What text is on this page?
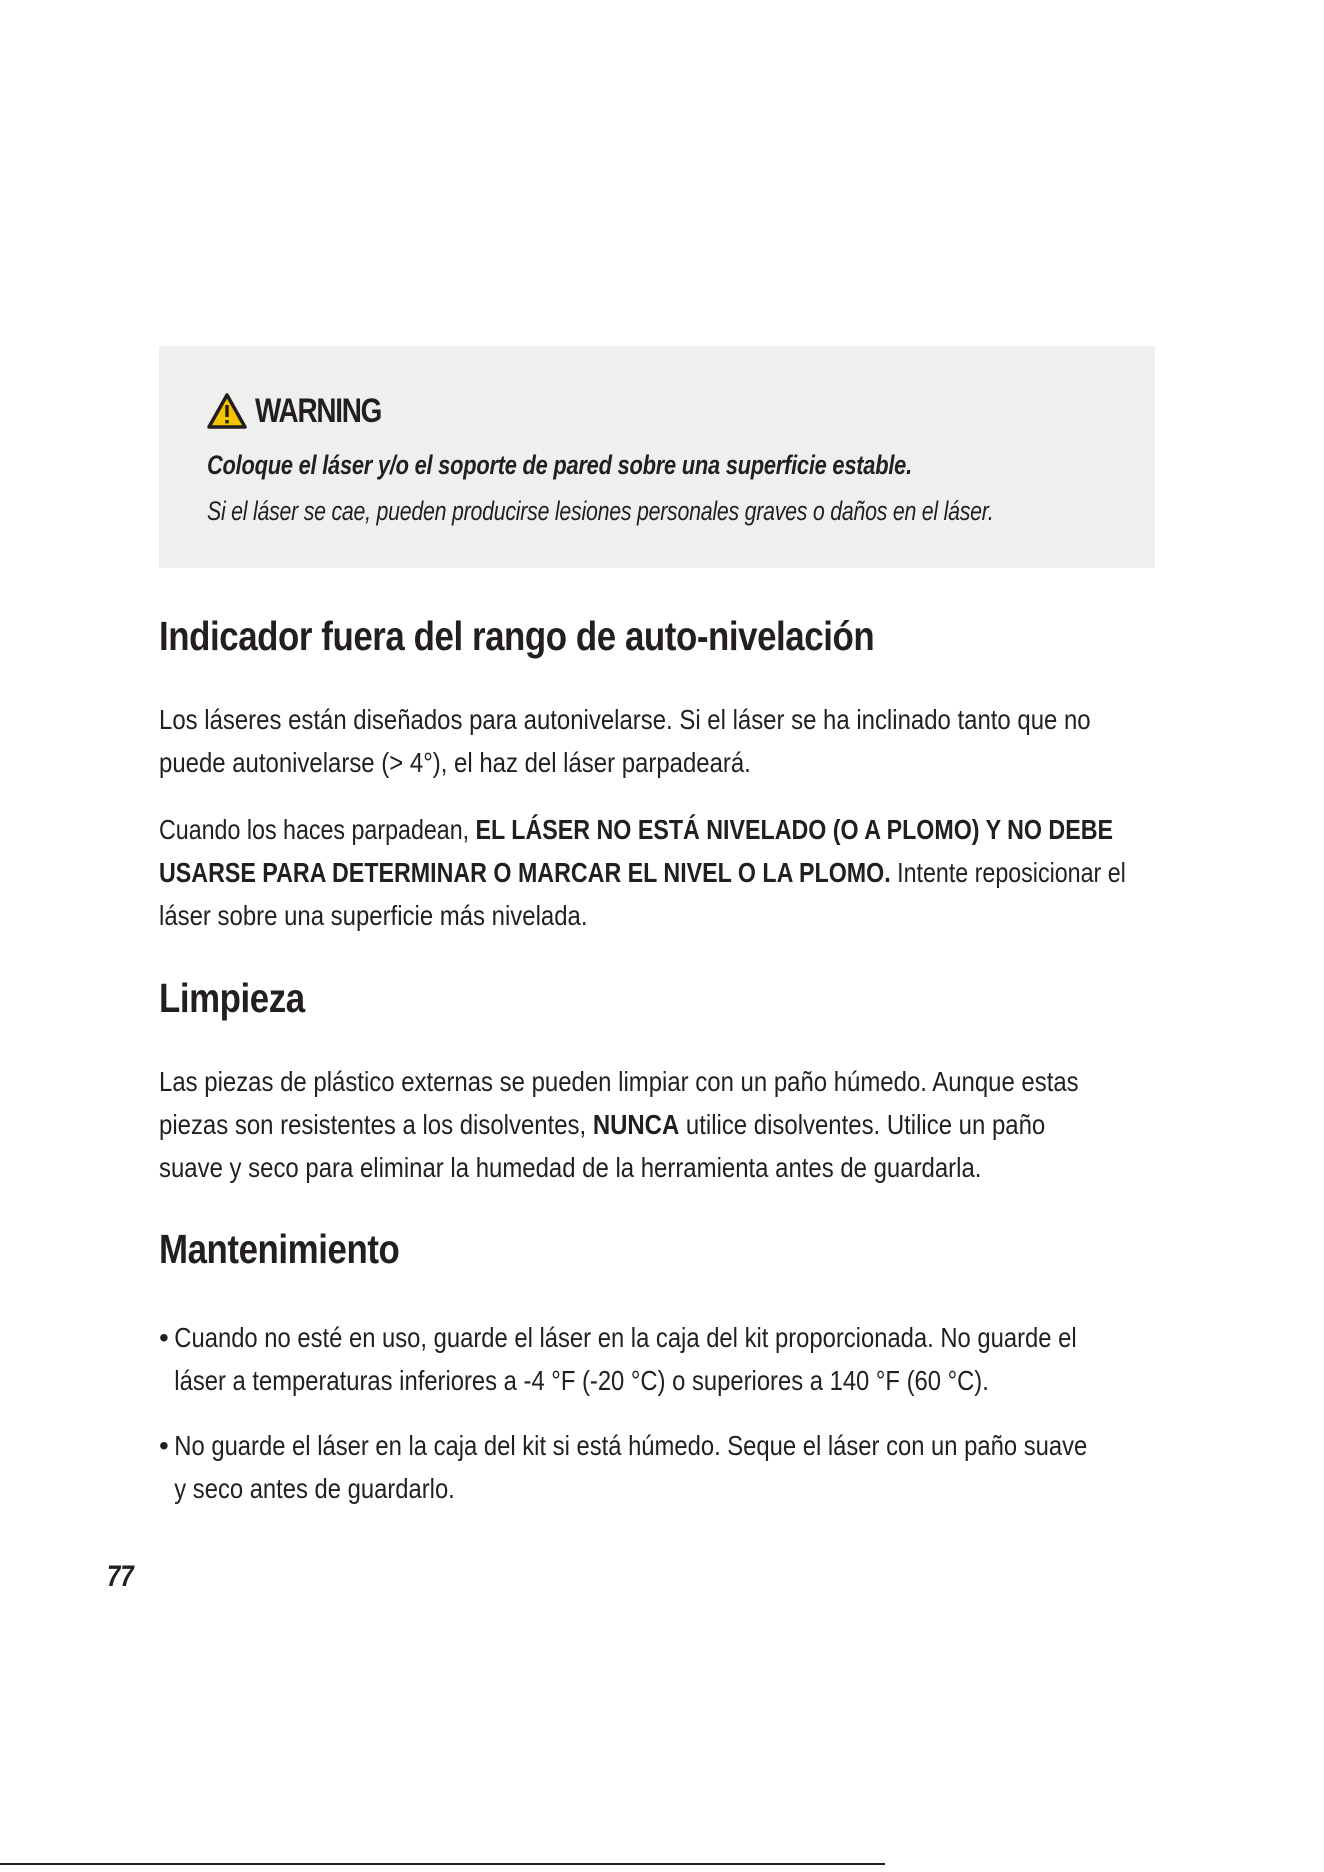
WARNING
Coloque el láser y/o el soporte de pared sobre una superficie estable.
Si el láser se cae, pueden producirse lesiones personales graves o daños en el láser.
Indicador fuera del rango de auto-nivelación
Los láseres están diseñados para autonivelarse. Si el láser se ha inclinado tanto que no
puede autonivelarse (> 4°), el haz del láser parpadeará.
Cuando los haces parpadean, EL LÁSER NO ESTÁ NIVELADO (O A PLOMO) Y NO DEBE
USARSE PARA DETERMINAR O MARCAR EL NIVEL O LA PLOMO. Intente reposicionar el
láser sobre una superficie más nivelada.
Limpieza
Las piezas de plástico externas se pueden limpiar con un paño húmedo. Aunque estas
piezas son resistentes a los disolventes, NUNCA utilice disolventes. Utilice un paño
suave y seco para eliminar la humedad de la herramienta antes de guardarla.
Mantenimiento
• Cuando no esté en uso, guarde el láser en la caja del kit proporcionada. No guarde el
láser a temperaturas inferiores a -4 °F (-20 °C) o superiores a 140 °F (60 °C).
• No guarde el láser en la caja del kit si está húmedo. Seque el láser con un paño suave
y seco antes de guardarlo.
77
